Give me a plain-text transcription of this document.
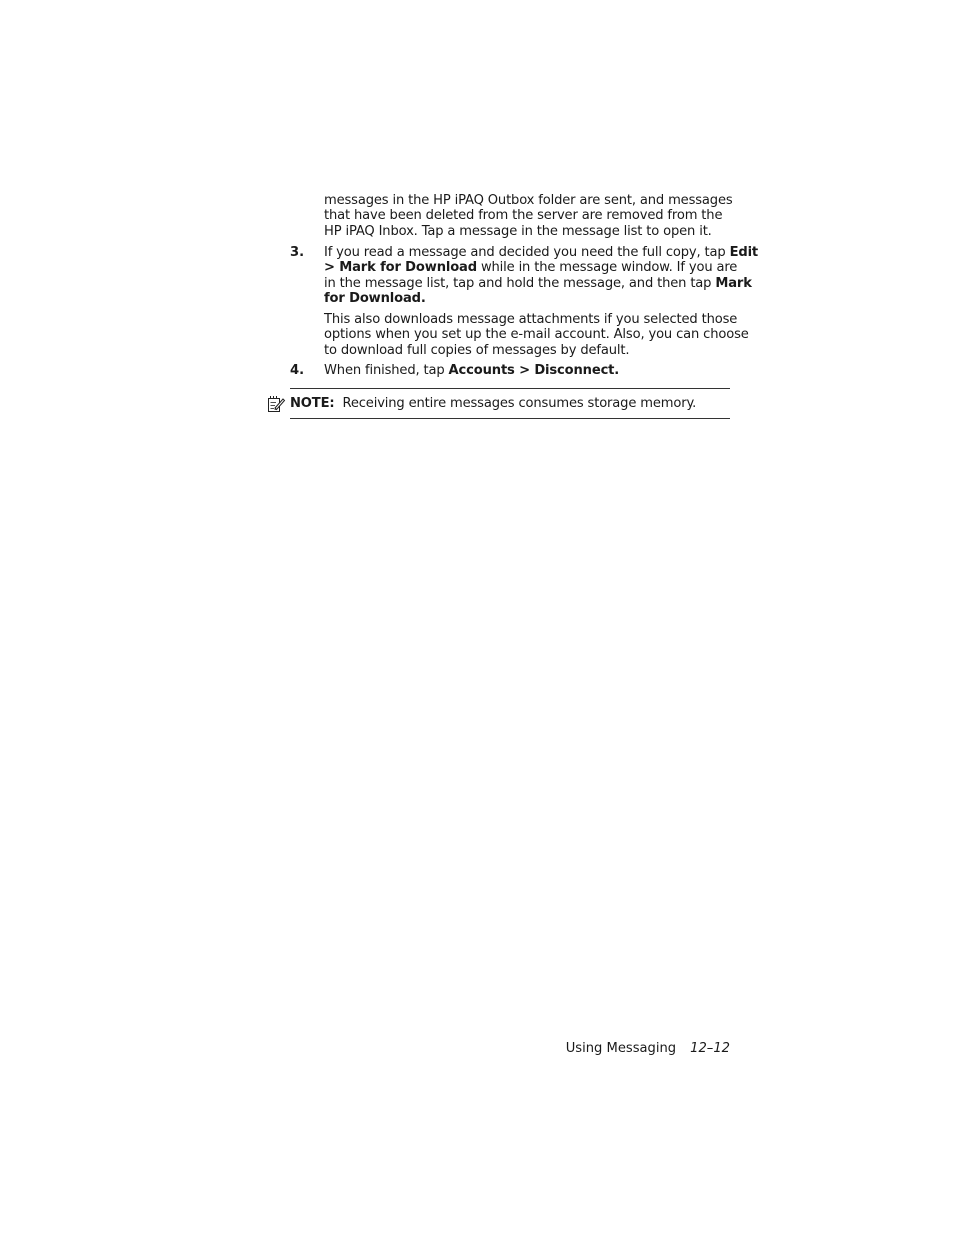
messages in the HP iPAQ Outbox folder are sent, and messages
that have been deleted from the server are removed from the
HP iPAQ Inbox. Tap a message in the message list to open it.
3. If you read a message and decided you need the full copy, tap Edit
> Mark for Download while in the message window. If you are
in the message list, tap and hold the message, and then tap Mark
for Download.
This also downloads message attachments if you selected those
options when you set up the e-mail account. Also, you can choose
to download full copies of messages by default.
4. When finished, tap Accounts > Disconnect.
NOTE: Receiving entire messages consumes storage memory.
Using Messaging 12–12
